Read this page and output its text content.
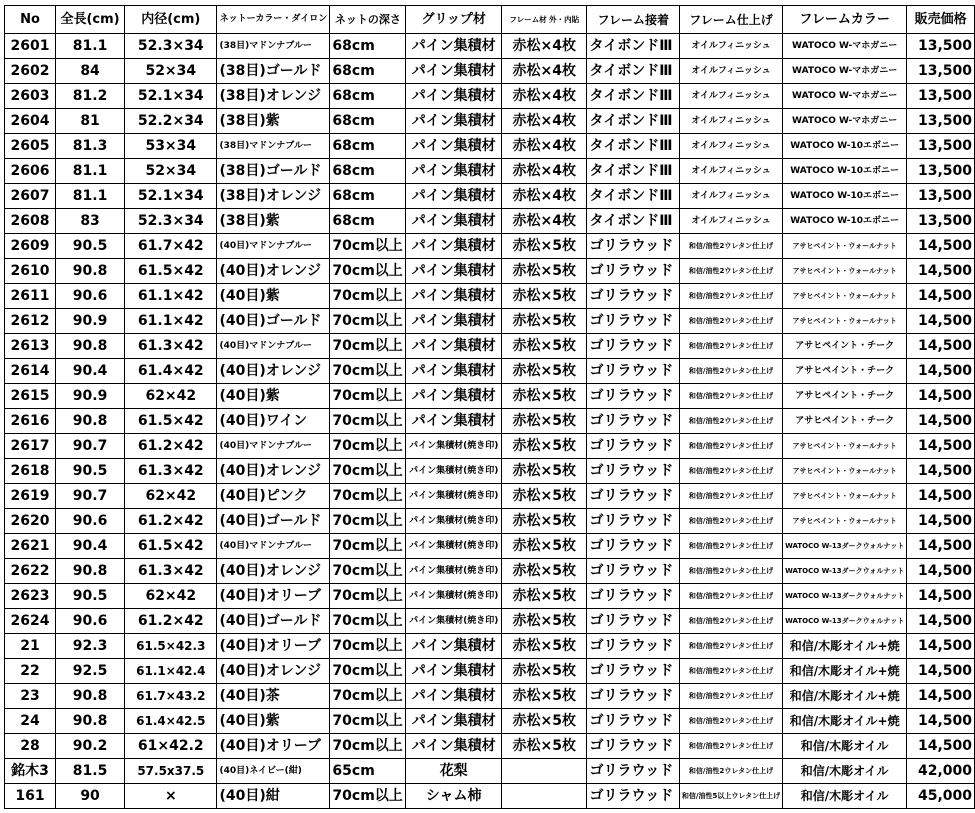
No	全長(cm)	内径(cm)	ネットーカラー・ダイロン	ネットの深さ	グリップ材	フレーム材 外・内貼	フレーム接着	フレーム仕上げ	フレームカラー	販売価格
2601	81.1	52.3×34	(38目)マドンナブルー	68cm	パイン集積材	赤松×4枚	タイボンドⅢ	オイルフィニッシュ	WATOCO W-マホガニー	13,500
2602	84	52×34	(38目)ゴールド	68cm	パイン集積材	赤松×4枚	タイボンドⅢ	オイルフィニッシュ	WATOCO W-マホガニー	13,500
2603	81.2	52.1×34	(38目)オレンジ	68cm	パイン集積材	赤松×4枚	タイボンドⅢ	オイルフィニッシュ	WATOCO W-マホガニー	13,500
2604	81	52.2×34	(38目)紫	68cm	パイン集積材	赤松×4枚	タイボンドⅢ	オイルフィニッシュ	WATOCO W-マホガニー	13,500
2605	81.3	53×34	(38目)マドンナブルー	68cm	パイン集積材	赤松×4枚	タイボンドⅢ	オイルフィニッシュ	WATOCO W-10エボニー	13,500
2606	81.1	52×34	(38目)ゴールド	68cm	パイン集積材	赤松×4枚	タイボンドⅢ	オイルフィニッシュ	WATOCO W-10エボニー	13,500
2607	81.1	52.1×34	(38目)オレンジ	68cm	パイン集積材	赤松×4枚	タイボンドⅢ	オイルフィニッシュ	WATOCO W-10エボニー	13,500
2608	83	52.3×34	(38目)紫	68cm	パイン集積材	赤松×4枚	タイボンドⅢ	オイルフィニッシュ	WATOCO W-10エボニー	13,500
2609	90.5	61.7×42	(40目)マドンナブルー	70cm以上	パイン集積材	赤松×5枚	ゴリラウッド	和信/油性2ウレタン仕上げ	アサヒペイント・ウォールナット	14,500
2610	90.8	61.5×42	(40目)オレンジ	70cm以上	パイン集積材	赤松×5枚	ゴリラウッド	和信/油性2ウレタン仕上げ	アサヒペイント・ウォールナット	14,500
2611	90.6	61.1×42	(40目)紫	70cm以上	パイン集積材	赤松×5枚	ゴリラウッド	和信/油性2ウレタン仕上げ	アサヒペイント・ウォールナット	14,500
2612	90.9	61.1×42	(40目)ゴールド	70cm以上	パイン集積材	赤松×5枚	ゴリラウッド	和信/油性2ウレタン仕上げ	アサヒペイント・ウォールナット	14,500
2613	90.8	61.3×42	(40目)マドンナブルー	70cm以上	パイン集積材	赤松×5枚	ゴリラウッド	和信/油性2ウレタン仕上げ	アサヒペイント・チーク	14,500
2614	90.4	61.4×42	(40目)オレンジ	70cm以上	パイン集積材	赤松×5枚	ゴリラウッド	和信/油性2ウレタン仕上げ	アサヒペイント・チーク	14,500
2615	90.9	62×42	(40目)紫	70cm以上	パイン集積材	赤松×5枚	ゴリラウッド	和信/油性2ウレタン仕上げ	アサヒペイント・チーク	14,500
2616	90.8	61.5×42	(40目)ワイン	70cm以上	パイン集積材	赤松×5枚	ゴリラウッド	和信/油性2ウレタン仕上げ	アサヒペイント・チーク	14,500
2617	90.7	61.2×42	(40目)マドンナブルー	70cm以上	パイン集積材(焼き印)	赤松×5枚	ゴリラウッド	和信/油性2ウレタン仕上げ	アサヒペイント・ウォールナット	14,500
2618	90.5	61.3×42	(40目)オレンジ	70cm以上	パイン集積材(焼き印)	赤松×5枚	ゴリラウッド	和信/油性2ウレタン仕上げ	アサヒペイント・ウォールナット	14,500
2619	90.7	62×42	(40目)ピンク	70cm以上	パイン集積材(焼き印)	赤松×5枚	ゴリラウッド	和信/油性2ウレタン仕上げ	アサヒペイント・ウォールナット	14,500
2620	90.6	61.2×42	(40目)ゴールド	70cm以上	パイン集積材(焼き印)	赤松×5枚	ゴリラウッド	和信/油性2ウレタン仕上げ	アサヒペイント・ウォールナット	14,500
2621	90.4	61.5×42	(40目)マドンナブルー	70cm以上	パイン集積材(焼き印)	赤松×5枚	ゴリラウッド	和信/油性2ウレタン仕上げ	WATOCO W-13ダークウォルナット	14,500
2622	90.8	61.3×42	(40目)オレンジ	70cm以上	パイン集積材(焼き印)	赤松×5枚	ゴリラウッド	和信/油性2ウレタン仕上げ	WATOCO W-13ダークウォルナット	14,500
2623	90.5	62×42	(40目)オリーブ	70cm以上	パイン集積材(焼き印)	赤松×5枚	ゴリラウッド	和信/油性2ウレタン仕上げ	WATOCO W-13ダークウォルナット	14,500
2624	90.6	61.2×42	(40目)ゴールド	70cm以上	パイン集積材(焼き印)	赤松×5枚	ゴリラウッド	和信/油性2ウレタン仕上げ	WATOCO W-13ダークウォルナット	14,500
21	92.3	61.5×42.3	(40目)オリーブ	70cm以上	パイン集積材	赤松×5枚	ゴリラウッド	和信/油性2ウレタン仕上げ	和信/木彫オイル+焼	14,500
22	92.5	61.1×42.4	(40目)オレンジ	70cm以上	パイン集積材	赤松×5枚	ゴリラウッド	和信/油性2ウレタン仕上げ	和信/木彫オイル+焼	14,500
23	90.8	61.7×43.2	(40目)茶	70cm以上	パイン集積材	赤松×5枚	ゴリラウッド	和信/油性2ウレタン仕上げ	和信/木彫オイル+焼	14,500
24	90.8	61.4×42.5	(40目)紫	70cm以上	パイン集積材	赤松×5枚	ゴリラウッド	和信/油性2ウレタン仕上げ	和信/木彫オイル+焼	14,500
28	90.2	61×42.2	(40目)オリーブ	70cm以上	パイン集積材	赤松×5枚	ゴリラウッド	和信/油性2ウレタン仕上げ	和信/木彫オイル	14,500
銘木3	81.5	57.5x37.5	(40目)ネイビー(紺)	65cm	花梨		ゴリラウッド	和信/油性2ウレタン仕上げ	和信/木彫オイル	42,000
161	90	×	(40目)紺	70cm以上	シャム柿		ゴリラウッド	和信/油性5以上ウレタン仕上げ	和信/木彫オイル	45,000
